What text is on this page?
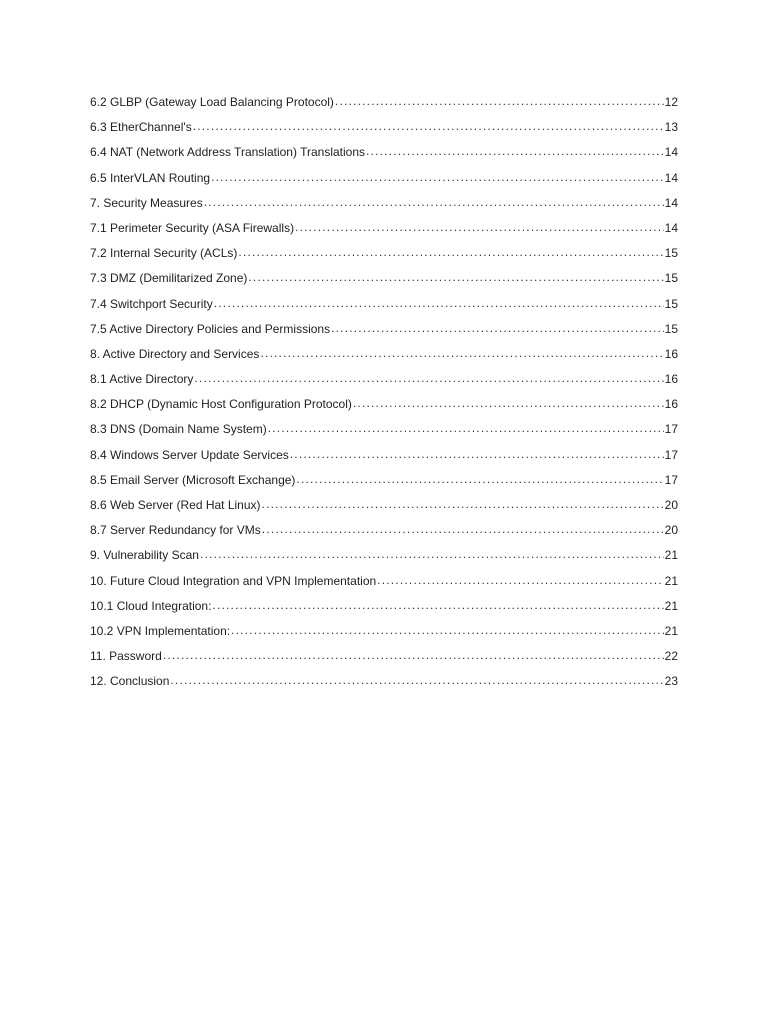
6.2 GLBP (Gateway Load Balancing Protocol) .....	12
6.3 EtherChannel's .....	13
6.4 NAT (Network Address Translation) Translations .....	14
6.5 InterVLAN Routing .....	14
7. Security Measures .....	14
7.1 Perimeter Security (ASA Firewalls) .....	14
7.2 Internal Security (ACLs) .....	15
7.3 DMZ (Demilitarized Zone) .....	15
7.4 Switchport Security .....	15
7.5 Active Directory Policies and Permissions .....	15
8. Active Directory and Services .....	16
8.1 Active Directory .....	16
8.2 DHCP (Dynamic Host Configuration Protocol) .....	16
8.3 DNS (Domain Name System) .....	17
8.4 Windows Server Update Services .....	17
8.5 Email Server (Microsoft Exchange) .....	17
8.6 Web Server (Red Hat Linux) .....	20
8.7 Server Redundancy for VMs .....	20
9. Vulnerability Scan .....	21
10. Future Cloud Integration and VPN Implementation .....	21
10.1 Cloud Integration: .....	21
10.2 VPN Implementation: .....	21
11. Password .....	22
12. Conclusion .....	23
